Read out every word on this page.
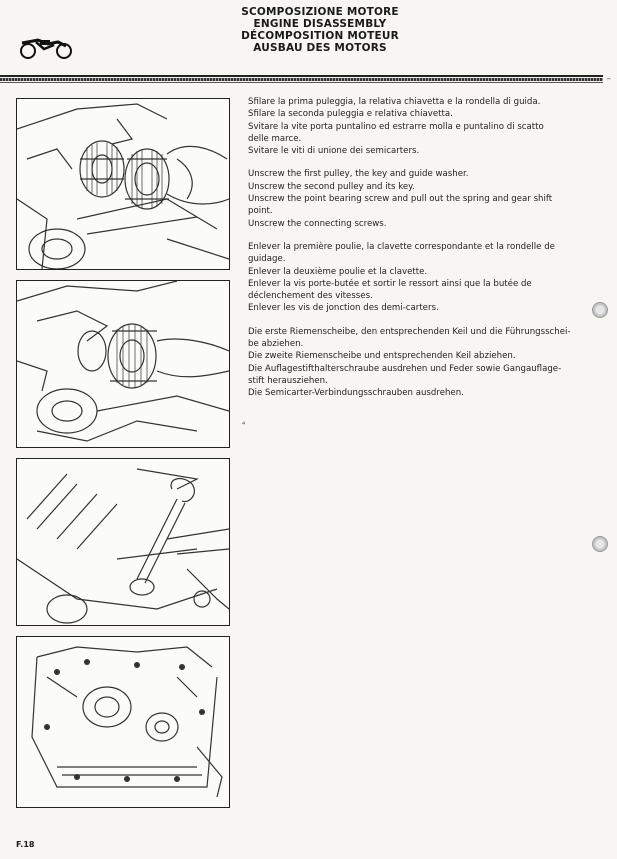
SCOMPOSIZIONE MOTORE
ENGINE DISASSEMBLY
DÉCOMPOSITION MOTEUR
AUSBAU DES MOTORS
–
Sfilare la prima puleggia, la relativa chiavetta e la rondella di guida.
Sfilare la seconda puleggia e relativa chiavetta.
Svitare la vite porta puntalino ed estrarre molla e puntalino di scatto
delle marce.
Svitare le viti di unione dei semicarters.
Unscrew the first pulley, the key and guide washer.
Unscrew the second pulley and its key.
Unscrew the point bearing screw and pull out the spring and gear shift
point.
Unscrew the connecting screws.
Enlever la première poulie, la clavette correspondante et la rondelle de
guidage.
Enlever la deuxième poulie et la clavette.
Enlever la vis porte-butée et sortir le ressort ainsi que la butée de
déclenchement des vitesses.
Enlever les vis de jonction des demi-carters.
Die erste Riemenscheibe, den entsprechenden Keil und die Führungsschei-
be abziehen.
Die zweite Riemenscheibe und entsprechenden Keil abziehen.
Die Auflagestifthalterschraube ausdrehen und Feder sowie Gangauflage-
stift herausziehen.
Die Semicarter-Verbindungsschrauben ausdrehen.
⁴
F.18
